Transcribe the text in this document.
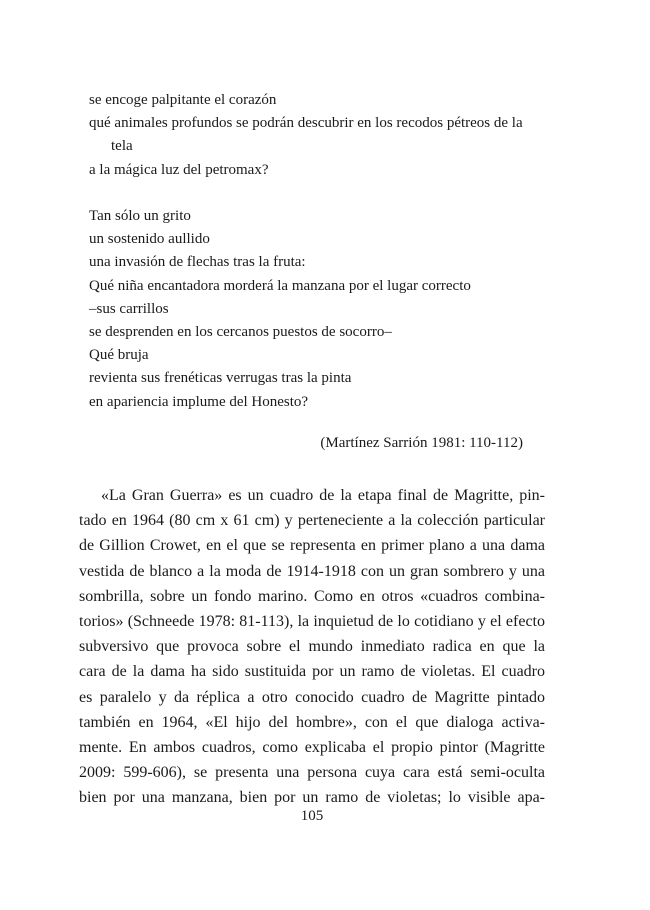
se encoge palpitante el corazón
qué animales profundos se podrán descubrir en los recodos pétreos de la
tela
a la mágica luz del petromax?
Tan sólo un grito
un sostenido aullido
una invasión de flechas tras la fruta:
Qué niña encantadora morderá la manzana por el lugar correcto
–sus carrillos
se desprenden en los cercanos puestos de socorro–
Qué bruja
revienta sus frenéticas verrugas tras la pinta
en apariencia implume del Honesto?
(Martínez Sarrión 1981: 110-112)
«La Gran Guerra» es un cuadro de la etapa final de Magritte, pin-
tado en 1964 (80 cm x 61 cm) y perteneciente a la colección particular
de Gillion Crowet, en el que se representa en primer plano a una dama
vestida de blanco a la moda de 1914-1918 con un gran sombrero y una
sombrilla, sobre un fondo marino. Como en otros «cuadros combina-
torios» (Schneede 1978: 81-113), la inquietud de lo cotidiano y el efecto
subversivo que provoca sobre el mundo inmediato radica en que la
cara de la dama ha sido sustituida por un ramo de violetas. El cuadro
es paralelo y da réplica a otro conocido cuadro de Magritte pintado
también en 1964, «El hijo del hombre», con el que dialoga activa-
mente. En ambos cuadros, como explicaba el propio pintor (Magritte
2009: 599-606), se presenta una persona cuya cara está semi-oculta
bien por una manzana, bien por un ramo de violetas; lo visible apa-
105
